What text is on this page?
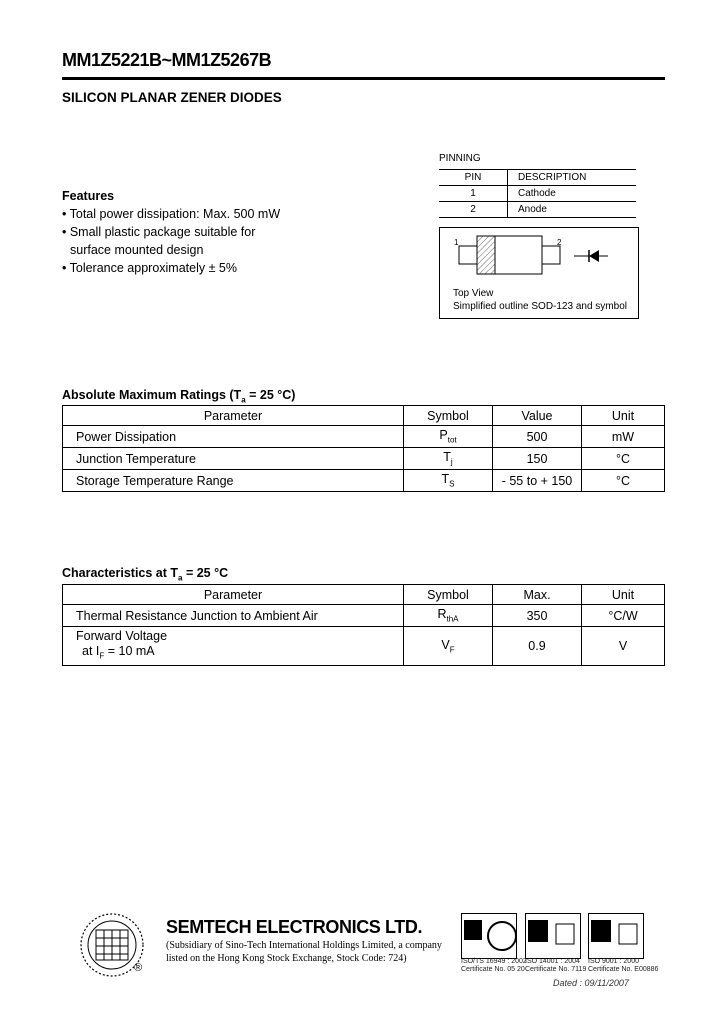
MM1Z5221B~MM1Z5267B
SILICON PLANAR ZENER DIODES
Features
• Total power dissipation: Max. 500 mW
• Small plastic package suitable for
surface mounted design
• Tolerance approximately ± 5%
PINNING
PIN	DESCRIPTION
1	Cathode
2	Anode
1	2
Top View
Simplified outline SOD-123 and symbol
Absolute Maximum Ratings ($T_a = 25$ °C)
Parameter	Symbol	Value	Unit
Power Dissipation	$P_{tot}$	500	mW
Junction Temperature	$T_j$	150	°C
Storage Temperature Range	$T_S$	- 55 to + 150	°C
Characteristics at $T_a = 25$ °C
Parameter	Symbol	Max.	Unit
Thermal Resistance Junction to Ambient Air	$R_{thA}$	350	°C/W

Forward Voltage
at $I_F = 10$ mA	$V_F$	0.9	V
®
SEMTECH ELECTRONICS LTD.
(Subsidiary of Sino-Tech International Holdings Limited, a company
listed on the Hong Kong Stock Exchange, Stock Code: 724)	ISO/TS 16949 : 2002
Certificate No. 05 20
ISO 14001 : 2004
Certificate No. 7119
ISO 9001 : 2000
Certificate No. E00886
Dated : 09/11/2007
